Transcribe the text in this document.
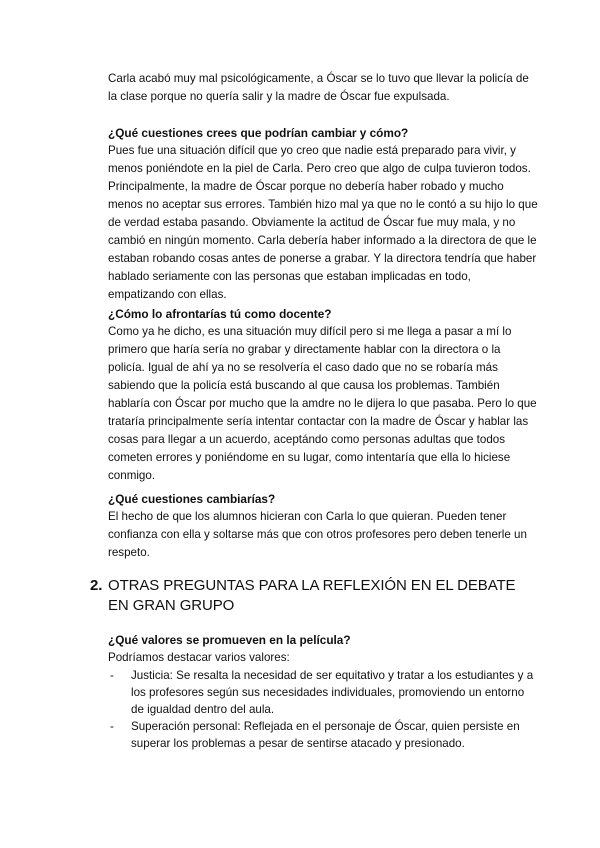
Carla acabó muy mal psicológicamente, a Óscar se lo tuvo que llevar la policía de la clase porque no quería salir y la madre de Óscar fue expulsada.

¿Qué cuestiones crees que podrían cambiar y cómo?

Pues fue una situación difícil que yo creo que nadie está preparado para vivir, y menos poniéndote en la piel de Carla. Pero creo que algo de culpa tuvieron todos. Principalmente, la madre de Óscar porque no debería haber robado y mucho menos no aceptar sus errores. También hizo mal ya que no le contó a su hijo lo que de verdad estaba pasando. Obviamente la actitud de Óscar fue muy mala, y no cambió en ningún momento. Carla debería haber informado a la directora de que le estaban robando cosas antes de ponerse a grabar. Y la directora tendría que haber hablado seriamente con las personas que estaban implicadas en todo, empatizando con ellas.

¿Cómo lo afrontarías tú como docente?

Como ya he dicho, es una situación muy difícil pero si me llega a pasar a mí lo primero que haría sería no grabar y directamente hablar con la directora o la policía. Igual de ahí ya no se resolvería el caso dado que no se robaría más sabiendo que la policía está buscando al que causa los problemas. También hablaría con Óscar por mucho que la amdre no le dijera lo que pasaba. Pero lo que trataría principalmente sería intentar contactar con la madre de Óscar y hablar las cosas para llegar a un acuerdo, aceptándo como personas adultas que todos cometen errores y poniéndome en su lugar, como intentaría que ella lo hiciese conmigo.

¿Qué cuestiones cambiarías?

El hecho de que los alumnos hicieran con Carla lo que quieran. Pueden tener confianza con ella y soltarse más que con otros profesores pero deben tenerle un respeto.

2. OTRAS PREGUNTAS PARA LA REFLEXIÓN EN EL DEBATE EN GRAN GRUPO

¿Qué valores se promueven en la película?

Podríamos destacar varios valores:

- Justicia: Se resalta la necesidad de ser equitativo y tratar a los estudiantes y a los profesores según sus necesidades individuales, promoviendo un entorno de igualdad dentro del aula.
- Superación personal: Reflejada en el personaje de Óscar, quien persiste en superar los problemas a pesar de sentirse atacado y presionado.
